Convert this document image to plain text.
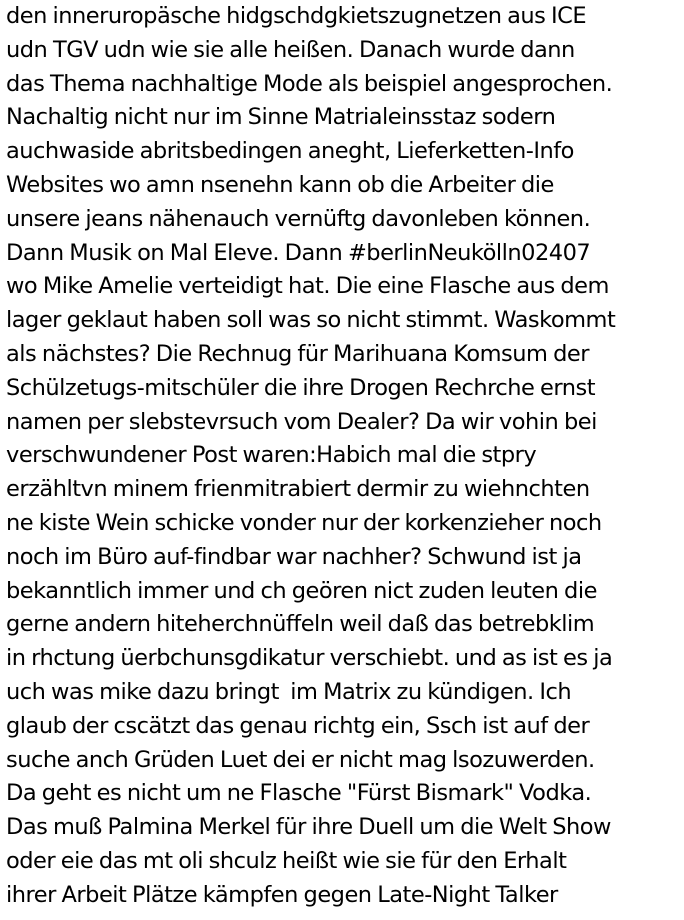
den inneruropäsche hidgschdgkietszugnetzen aus ICE
udn TGV udn wie sie alle heißen. Danach wurde dann
das Thema nachhaltige Mode als beispiel angesprochen.
Nachaltig nicht nur im Sinne Matrialeinsstaz sodern
auchwaside abritsbedingen aneght, Lieferketten-Info
Websites wo amn nsenehn kann ob die Arbeiter die
unsere jeans nähenauch vernüftg davonleben können.
Dann Musik on Mal Eleve. Dann #berlinNeukölln02407
wo Mike Amelie verteidigt hat. Die eine Flasche aus dem
lager geklaut haben soll was so nicht stimmt. Waskommt
als nächstes? Die Rechnug für Marihuana Komsum der
Schülzetugs-mitschüler die ihre Drogen Rechrche ernst
namen per slebstevrsuch vom Dealer? Da wir vohin bei
verschwundener Post waren:Habich mal die stpry
erzähltvn minem frienmitrabiert dermir zu wiehnchten
ne kiste Wein schicke vonder nur der korkenzieher noch
noch im Büro auf-findbar war nachher? Schwund ist ja
bekanntlich immer und ch geören nict zuden leuten die
gerne andern hiteherchnüffeln weil daß das betrebklim
in rhctung üerbchunsgdikatur verschiebt. und as ist es ja
uch was mike dazu bringt  im Matrix zu kündigen. Ich
glaub der cscätzt das genau richtg ein, Ssch ist auf der
suche anch Grüden Luet dei er nicht mag lsozuwerden.
Da geht es nicht um ne Flasche "Fürst Bismark" Vodka.
Das muß Palmina Merkel für ihre Duell um die Welt Show
oder eie das mt oli shculz heißt wie sie für den Erhalt
ihrer Arbeit Plätze kämpfen gegen Late-Night Talker
